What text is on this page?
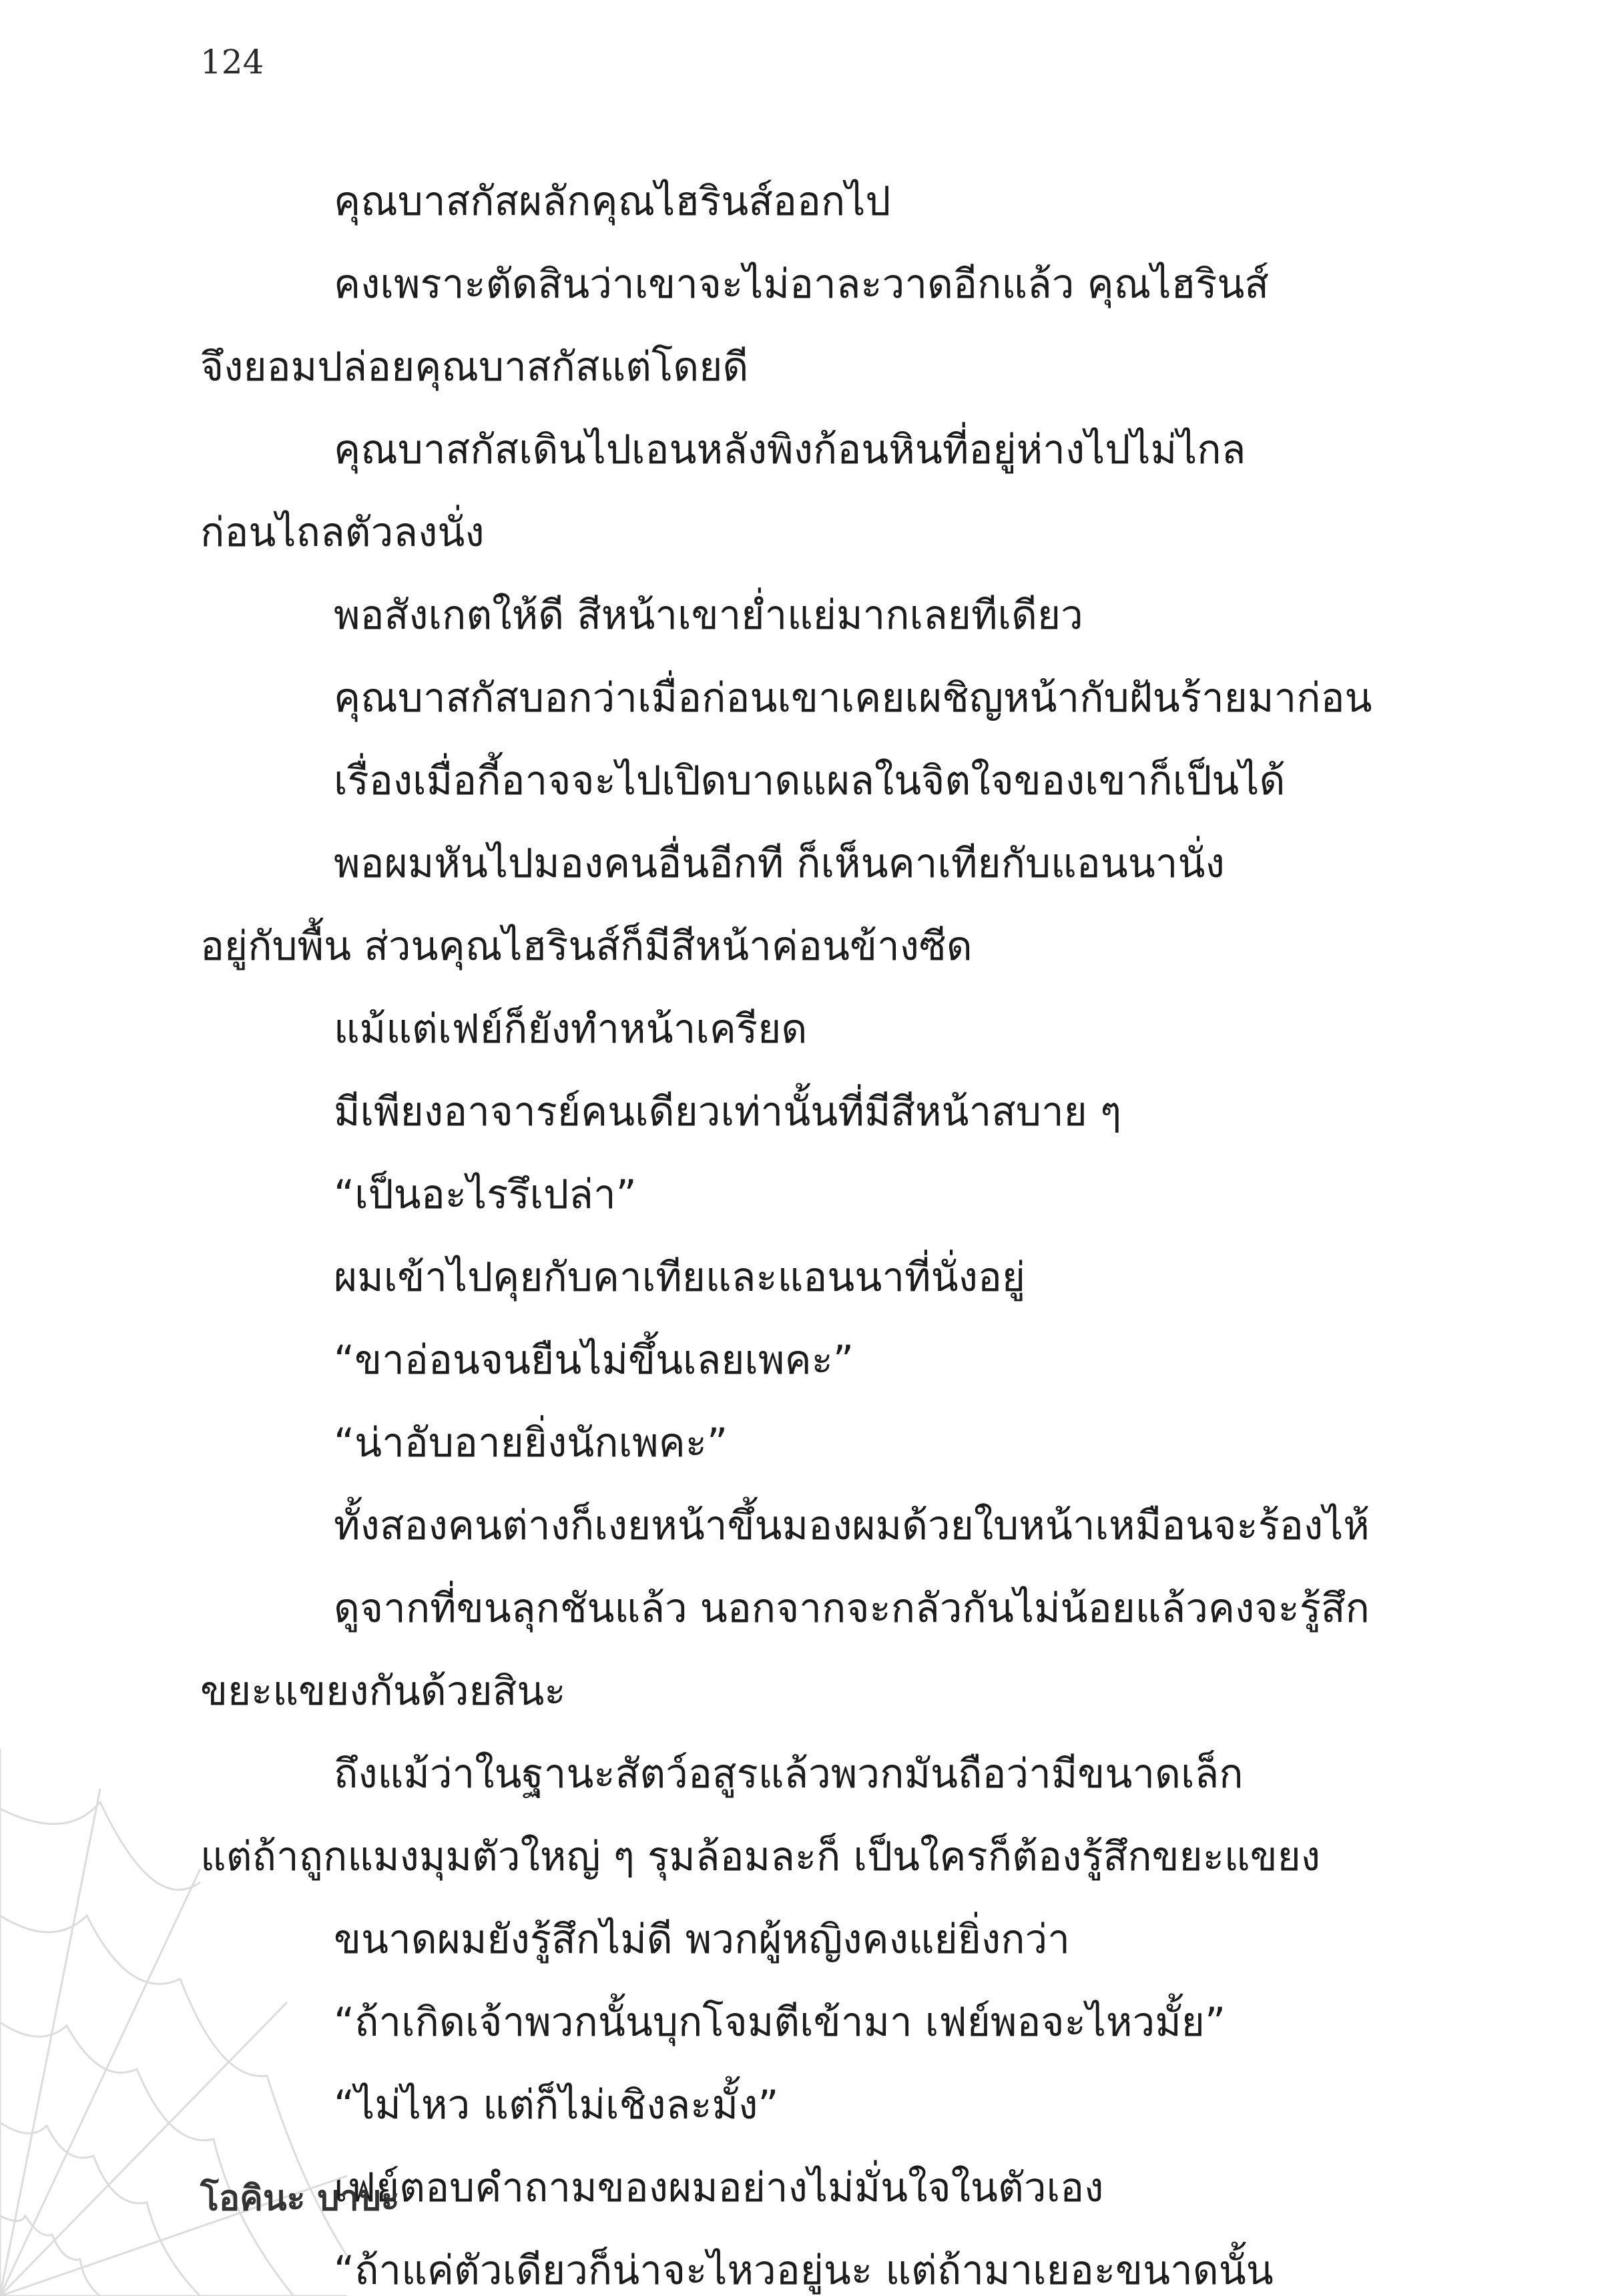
124
คุณบาสกัสผลักคุณไฮรินส์ออกไป
คงเพราะตัดสินว่าเขาจะไม่อาละวาดอีกแล้ว คุณไฮรินส์
จึงยอมปล่อยคุณบาสกัสแต่โดยดี
คุณบาสกัสเดินไปเอนหลังพิงก้อนหินที่อยู่ห่างไปไม่ไกล
ก่อนไถลตัวลงนั่ง
พอสังเกตให้ดี สีหน้าเขาย่ำแย่มากเลยทีเดียว
คุณบาสกัสบอกว่าเมื่อก่อนเขาเคยเผชิญหน้ากับฝันร้ายมาก่อน
เรื่องเมื่อกี้อาจจะไปเปิดบาดแผลในจิตใจของเขาก็เป็นได้
พอผมหันไปมองคนอื่นอีกที ก็เห็นคาเทียกับแอนนานั่ง
อยู่กับพื้น ส่วนคุณไฮรินส์ก็มีสีหน้าค่อนข้างซีด
แม้แต่เฟย์ก็ยังทำหน้าเครียด
มีเพียงอาจารย์คนเดียวเท่านั้นที่มีสีหน้าสบาย ๆ
“เป็นอะไรรึเปล่า”
ผมเข้าไปคุยกับคาเทียและแอนนาที่นั่งอยู่
“ขาอ่อนจนยืนไม่ขึ้นเลยเพคะ”
“น่าอับอายยิ่งนักเพคะ”
ทั้งสองคนต่างก็เงยหน้าขึ้นมองผมด้วยใบหน้าเหมือนจะร้องไห้
ดูจากที่ขนลุกชันแล้ว นอกจากจะกลัวกันไม่น้อยแล้วคงจะรู้สึก
ขยะแขยงกันด้วยสินะ
ถึงแม้ว่าในฐานะสัตว์อสูรแล้วพวกมันถือว่ามีขนาดเล็ก
แต่ถ้าถูกแมงมุมตัวใหญ่ ๆ รุมล้อมละก็ เป็นใครก็ต้องรู้สึกขยะแขยง
ขนาดผมยังรู้สึกไม่ดี พวกผู้หญิงคงแย่ยิ่งกว่า
“ถ้าเกิดเจ้าพวกนั้นบุกโจมตีเข้ามา เฟย์พอจะไหวมั้ย”
“ไม่ไหว แต่ก็ไม่เชิงละมั้ง”
เฟย์ตอบคำถามของผมอย่างไม่มั่นใจในตัวเอง
“ถ้าแค่ตัวเดียวก็น่าจะไหวอยู่นะ แต่ถ้ามาเยอะขนาดนั้น
โอคินะ บาบะ
